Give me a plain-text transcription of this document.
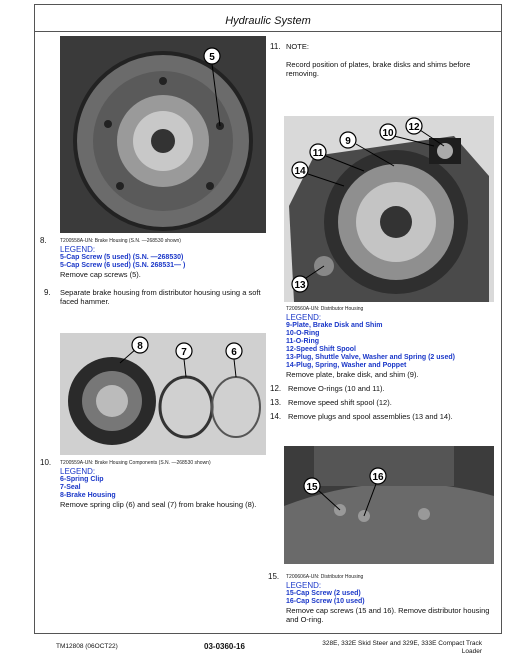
Hydraulic System
5
9
10
11
12
13
14
8
7	6
15
16
8.	T200558A-UN: Brake Housing (S.N. —268530 shown)
LEGEND:
5-Cap Screw (5 used) (S.N. —268530)
5-Cap Screw (6 used) (S.N. 268531— )
Remove cap screws (5).
9. Separate brake housing from distributor housing using a soft faced hammer.
10. T200559A-UN: Brake Housing Components (S.N. —268530 shown)
LEGEND:
6-Spring Clip
7-Seal
8-Brake Housing
Remove spring clip (6) and seal (7) from brake housing (8).
11. NOTE:
Record position of plates, brake disks and shims before removing.
T200560A-UN: Distributor Housing
LEGEND:
9-Plate, Brake Disk and Shim
10-O-Ring
11-O-Ring
12-Speed Shift Spool
13-Plug, Shuttle Valve, Washer and Spring (2 used)
14-Plug, Spring, Washer and Poppet
Remove plate, brake disk, and shim (9).
12. Remove O-rings (10 and 11).
13. Remove speed shift spool (12).
14. Remove plugs and spool assemblies (13 and 14).
15. T200606A-UN: Distributor Housing
LEGEND:
15-Cap Screw (2 used)
16-Cap Screw (10 used)
Remove cap screws (15 and 16). Remove distributor housing
and O-ring.
TM12808 (06OCT22)	03-0360-16	328E, 332E Skid Steer and 329E, 333E Compact Track
Loader
